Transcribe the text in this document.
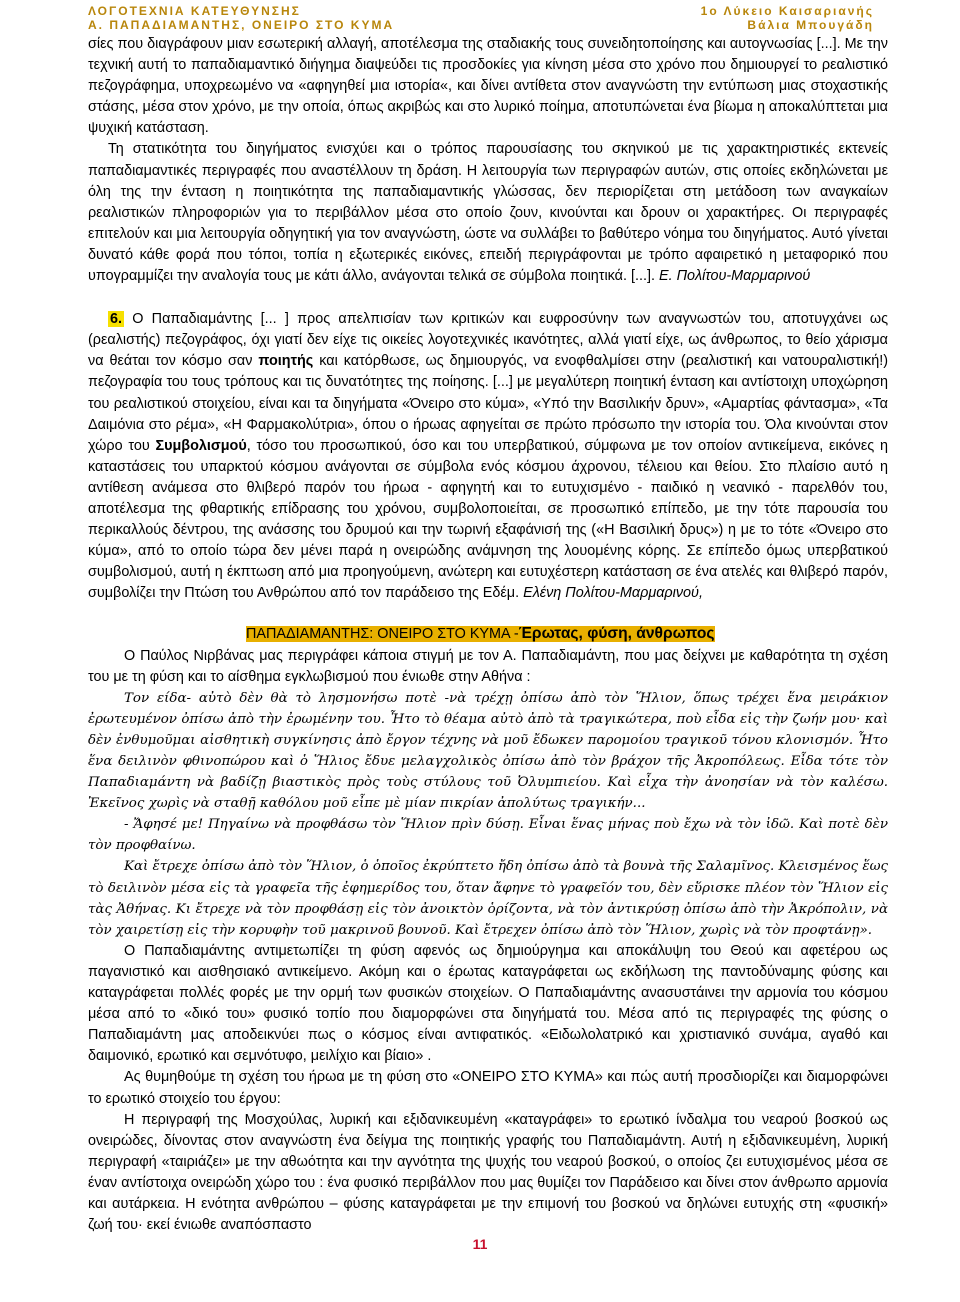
ΛΟΓΟΤΕΧΝΙΑ ΚΑΤΕΥΘΥΝΣΗΣ
Α. ΠΑΠΑΔΙΑΜΑΝΤΗΣ, ΟΝΕΙΡΟ ΣΤΟ ΚΥΜΑ
1ο Λύκειο Καισαριανής
Βάλια Μπουγάδη

σίες που διαγράφουν μιαν εσωτερική αλλαγή, αποτέλεσμα της σταδιακής τους συνειδητοποίησης και αυτογνωσίας [...]. Με την τεχνική αυτή το παπαδιαμαντικό διήγημα διαψεύδει τις προσδοκίες για κίνηση μέσα στο χρόνο που δημιουργεί το ρεαλιστικό πεζογράφημα, υποχρεωμένο να «αφηγηθεί μια ιστορία«, και δίνει αντίθετα στον αναγνώστη την εντύπωση μιας στοχαστικής στάσης, μέσα στον χρόνο, με την οποία, όπως ακριβώς και στο λυρικό ποίημα, αποτυπώνεται ένα βίωμα η αποκαλύπτεται μια ψυχική κατάσταση.

Τη στατικότητα του διηγήματος ενισχύει και ο τρόπος παρουσίασης του σκηνικού με τις χαρακτηριστικές εκτενείς παπαδιαμαντικές περιγραφές που αναστέλλουν τη δράση. Η λειτουργία των περιγραφών αυτών, στις οποίες εκδηλώνεται με όλη της την ένταση η ποιητικότητα της παπαδιαμαντικής γλώσσας, δεν περιορίζεται στη μετάδοση των αναγκαίων ρεαλιστικών πληροφοριών για το περιβάλλον μέσα στο οποίο ζουν, κινούνται και δρουν οι χαρακτήρες. Οι περιγραφές επιτελούν και μια λειτουργία οδηγητική για τον αναγνώστη, ώστε να συλλάβει το βαθύτερο νόημα του διηγήματος. Αυτό γίνεται δυνατό κάθε φορά που τόποι, τοπία η εξωτερικές εικόνες, επειδή περιγράφονται με τρόπο αφαιρετικό η μεταφορικό που υπογραμμίζει την αναλογία τους με κάτι άλλο, ανάγονται τελικά σε σύμβολα ποιητικά. [...]. Ε. Πολίτου-Μαρμαρινού

6. Ο Παπαδιαμάντης [... ] προς απελπισίαν των κριτικών και ευφροσύνην των αναγνωστών του, αποτυγχάνει ως (ρεαλιστής) πεζογράφος, όχι γιατί δεν είχε τις οικείες λογοτεχνικές ικανότητες, αλλά γιατί είχε, ως άνθρωπος, το θείο χάρισμα να θεάται τον κόσμο σαν ποιητής και κατόρθωσε, ως δημιουργός, να ενοφθαλμίσει στην (ρεαλιστική και νατουραλιστική!) πεζογραφία του τους τρόπους και τις δυνατότητες της ποίησης. [...] με μεγαλύτερη ποιητική ένταση και αντίστοιχη υποχώρηση του ρεαλιστικού στοιχείου, είναι και τα διηγήματα «Όνειρο στο κύμα», «Υπό την Βασιλικήν δρυν», «Αμαρτίας φάντασμα», «Τα Δαιμόνια στο ρέμα», «Η Φαρμακολύτρια», όπου ο ήρωας αφηγείται σε πρώτο πρόσωπο την ιστορία του. Όλα κινούνται στον χώρο του Συμβολισμού, τόσο του προσωπικού, όσο και του υπερβατικού, σύμφωνα με τον οποίον αντικείμενα, εικόνες η καταστάσεις του υπαρκτού κόσμου ανάγονται σε σύμβολα ενός κόσμου άχρονου, τέλειου και θείου. Στο πλαίσιο αυτό η αντίθεση ανάμεσα στο θλιβερό παρόν του ήρωα - αφηγητή και το ευτυχισμένο - παιδικό η νεανικό - παρελθόν του, αποτέλεσμα της φθαρτικής επίδρασης του χρόνου, συμβολοποιείται, σε προσωπικό επίπεδο, με την τότε παρουσία του περικαλλούς δέντρου, της ανάσσης του δρυμού και την τωρινή εξαφάνισή της («Η Βασιλική δρυς») η με το τότε «Όνειρο στο κύμα», από το οποίο τώρα δεν μένει παρά η ονειρώδης ανάμνηση της λουομένης κόρης. Σε επίπεδο όμως υπερβατικού συμβολισμού, αυτή η έκπτωση από μια προηγούμενη, ανώτερη και ευτυχέστερη κατάσταση σε ένα ατελές και θλιβερό παρόν, συμβολίζει την Πτώση του Ανθρώπου από τον παράδεισο της Εδέμ. Ελένη Πολίτου-Μαρμαρινού,

ΠΑΠΑΔΙΑΜΑΝΤΗΣ: ΟΝΕΙΡΟ ΣΤΟ ΚΥΜΑ -Έρωτας, φύση, άνθρωπος

Ο Παύλος Νιρβάνας μας περιγράφει κάποια στιγμή με τον Α. Παπαδιαμάντη, που μας δείχνει με καθαρότητα τη σχέση του με τη φύση και το αίσθημα εγκλωβισμού που ένιωθε στην Αθήνα :

Τον είδα- αὐτὸ δὲν θὰ τὸ λησμονήσω ποτὲ -νὰ τρέχῃ ὀπίσω ἀπὸ τὸν Ἥλιον, ὅπως τρέχει ἕνα μειράκιον ἐρωτευμένον ὀπίσω ἀπὸ τὴν ἐρωμένην του. Ἦτο τὸ θέαμα αὐτὸ ἀπὸ τὰ τραγικώτερα, ποὺ εἶδα εἰς τὴν ζωήν μου· καὶ δὲν ἐνθυμοῦμαι αἰσθητικὴ συγκίνησις ἀπὸ ἔργον τέχνης νὰ μοῦ ἔδωκεν παρομοίου τραγικοῦ τόνου κλονισμόν. Ἦτο ἕνα δειλινὸν φθινοπώρου καὶ ὁ Ἥλιος ἔδυε μελαγχολικὸς ὀπίσω ἀπὸ τὸν βράχον τῆς Ἀκροπόλεως. Εἶδα τότε τὸν Παπαδιαμάντη νὰ βαδίζῃ βιαστικὸς πρὸς τοὺς στύλους τοῦ Ὀλυμπιείου. Καὶ εἶχα τὴν ἀνοησίαν νὰ τὸν καλέσω. Ἐκεῖνος χωρὶς νὰ σταθῇ καθόλου μοῦ εἶπε μὲ μίαν πικρίαν ἀπολύτως τραγικήν...

- Ἄφησέ με! Πηγαίνω νὰ προφθάσω τὸν Ἥλιον πρὶν δύσῃ. Εἶναι ἕνας μήνας ποὺ ἔχω νὰ τὸν ἰδῶ. Καὶ ποτὲ δὲν τὸν προφθαίνω.

Καὶ ἔτρεχε ὀπίσω ἀπὸ τὸν Ἥλιον, ὁ ὁποῖος ἐκρύπτετο ἤδη ὀπίσω ἀπὸ τὰ βουνὰ τῆς Σαλαμῖνος. Κλεισμένος ἕως τὸ δειλινὸν μέσα εἰς τὰ γραφεῖα τῆς ἐφημερίδος του, ὅταν ἄφηνε τὸ γραφεῖόν του, δὲν εὕρισκε πλέον τὸν Ἥλιον εἰς τὰς Ἀθήνας. Κι ἔτρεχε νὰ τὸν προφθάσῃ εἰς τὸν ἀνοικτὸν ὁρίζοντα, νὰ τὸν ἀντικρύσῃ ὀπίσω ἀπὸ τὴν Ἀκρόπολιν, νὰ τὸν χαιρετίσῃ εἰς τὴν κορυφὴν τοῦ μακρινοῦ βουνοῦ. Καὶ ἔτρεχεν ὀπίσω ἀπὸ τὸν Ἥλιον, χωρὶς νὰ τὸν προφτάνῃ».

Ο Παπαδιαμάντης αντιμετωπίζει τη φύση αφενός ως δημιούργημα και αποκάλυψη του Θεού και αφετέρου ως παγανιστικό και αισθησιακό αντικείμενο. Ακόμη και ο έρωτας καταγράφεται ως εκδήλωση της παντοδύναμης φύσης και καταγράφεται πολλές φορές με την ορμή των φυσικών στοιχείων. Ο Παπαδιαμάντης ανασυστάινει την αρμονία του κόσμου μέσα από το «δικό του» φυσικό τοπίο που διαμορφώνει στα διηγήματά του. Μέσα από τις περιγραφές της φύσης ο Παπαδιαμάντη μας αποδεικνύει πως ο κόσμος είναι αντιφατικός. «Ειδωλολατρικό και χριστιανικό συνάμα, αγαθό και δαιμονικό, ερωτικό και σεμνότυφο, μειλίχιο και βίαιο» .

Ας θυμηθούμε τη σχέση του ήρωα με τη φύση στο «ΟΝΕΙΡΟ ΣΤΟ ΚΥΜΑ» και πώς αυτή προσδιορίζει και διαμορφώνει το ερωτικό στοιχείο του έργου:

Η περιγραφή της Μοσχούλας, λυρική και εξιδανικευμένη «καταγράφει» το ερωτικό ίνδαλμα του νεαρού βοσκού ως ονειρώδες, δίνοντας στον αναγνώστη ένα δείγμα της ποιητικής γραφής του Παπαδιαμάντη. Αυτή η εξιδανικευμένη, λυρική περιγραφή «ταιριάζει» με την αθωότητα και την αγνότητα της ψυχής του νεαρού βοσκού, ο οποίος ζει ευτυχισμένος μέσα σε έναν αντίστοιχα ονειρώδη χώρο του : ένα φυσικό περιβάλλον που μας θυμίζει τον Παράδεισο και δίνει στον άνθρωπο αρμονία και αυτάρκεια. Η ενότητα ανθρώπου – φύσης καταγράφεται με την επιμονή του βοσκού να δηλώνει ευτυχής στη «φυσική» ζωή του· εκεί ένιωθε αναπόσπαστο

11
